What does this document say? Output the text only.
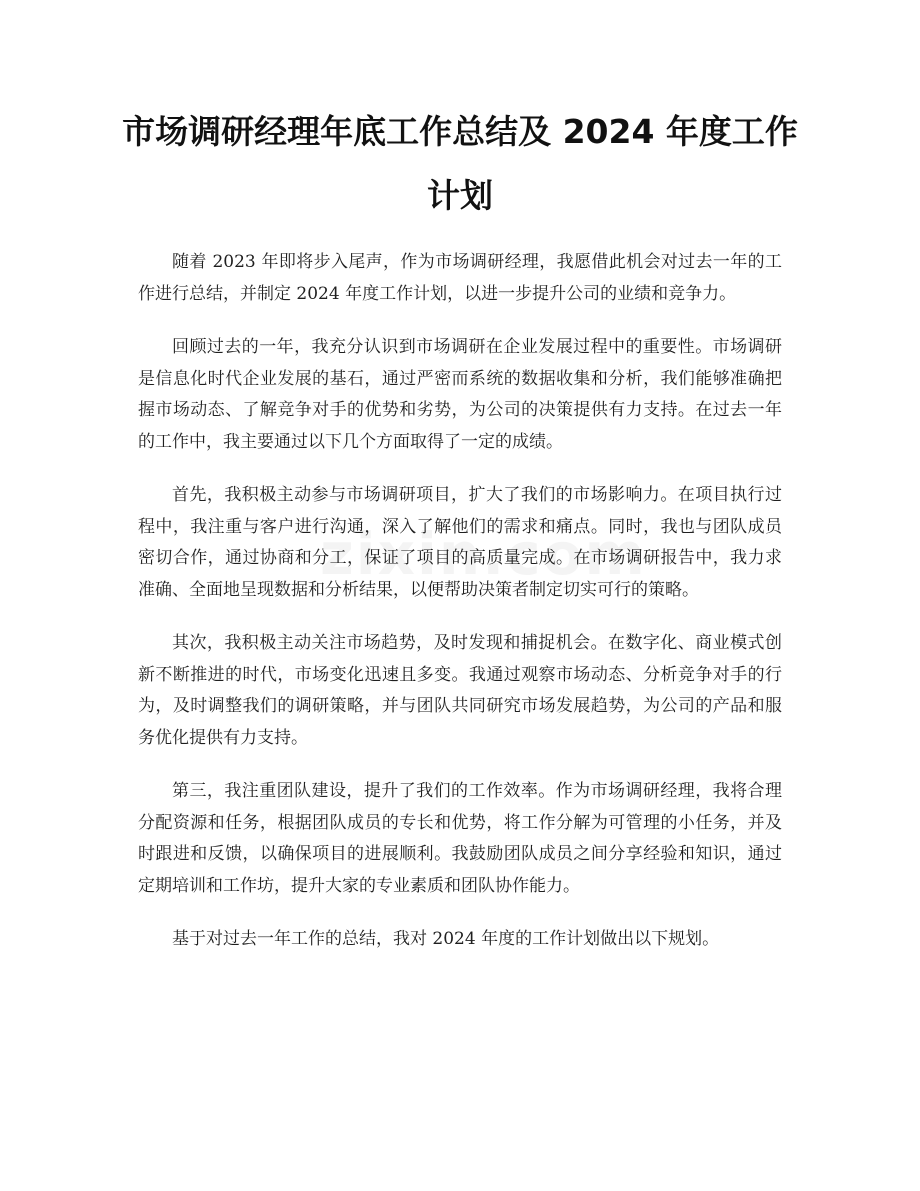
市场调研经理年底工作总结及 2024 年度工作
计划

随着 2023 年即将步入尾声，作为市场调研经理，我愿借此机会对过去一年的工作进行总结，并制定 2024 年度工作计划，以进一步提升公司的业绩和竞争力。

回顾过去的一年，我充分认识到市场调研在企业发展过程中的重要性。市场调研是信息化时代企业发展的基石，通过严密而系统的数据收集和分析，我们能够准确把握市场动态、了解竞争对手的优势和劣势，为公司的决策提供有力支持。在过去一年的工作中，我主要通过以下几个方面取得了一定的成绩。

首先，我积极主动参与市场调研项目，扩大了我们的市场影响力。在项目执行过程中，我注重与客户进行沟通，深入了解他们的需求和痛点。同时，我也与团队成员密切合作，通过协商和分工，保证了项目的高质量完成。在市场调研报告中，我力求准确、全面地呈现数据和分析结果，以便帮助决策者制定切实可行的策略。

其次，我积极主动关注市场趋势，及时发现和捕捉机会。在数字化、商业模式创新不断推进的时代，市场变化迅速且多变。我通过观察市场动态、分析竞争对手的行为，及时调整我们的调研策略，并与团队共同研究市场发展趋势，为公司的产品和服务优化提供有力支持。

第三，我注重团队建设，提升了我们的工作效率。作为市场调研经理，我将合理分配资源和任务，根据团队成员的专长和优势，将工作分解为可管理的小任务，并及时跟进和反馈，以确保项目的进展顺利。我鼓励团队成员之间分享经验和知识，通过定期培训和工作坊，提升大家的专业素质和团队协作能力。

基于对过去一年工作的总结，我对 2024 年度的工作计划做出以下规划。
